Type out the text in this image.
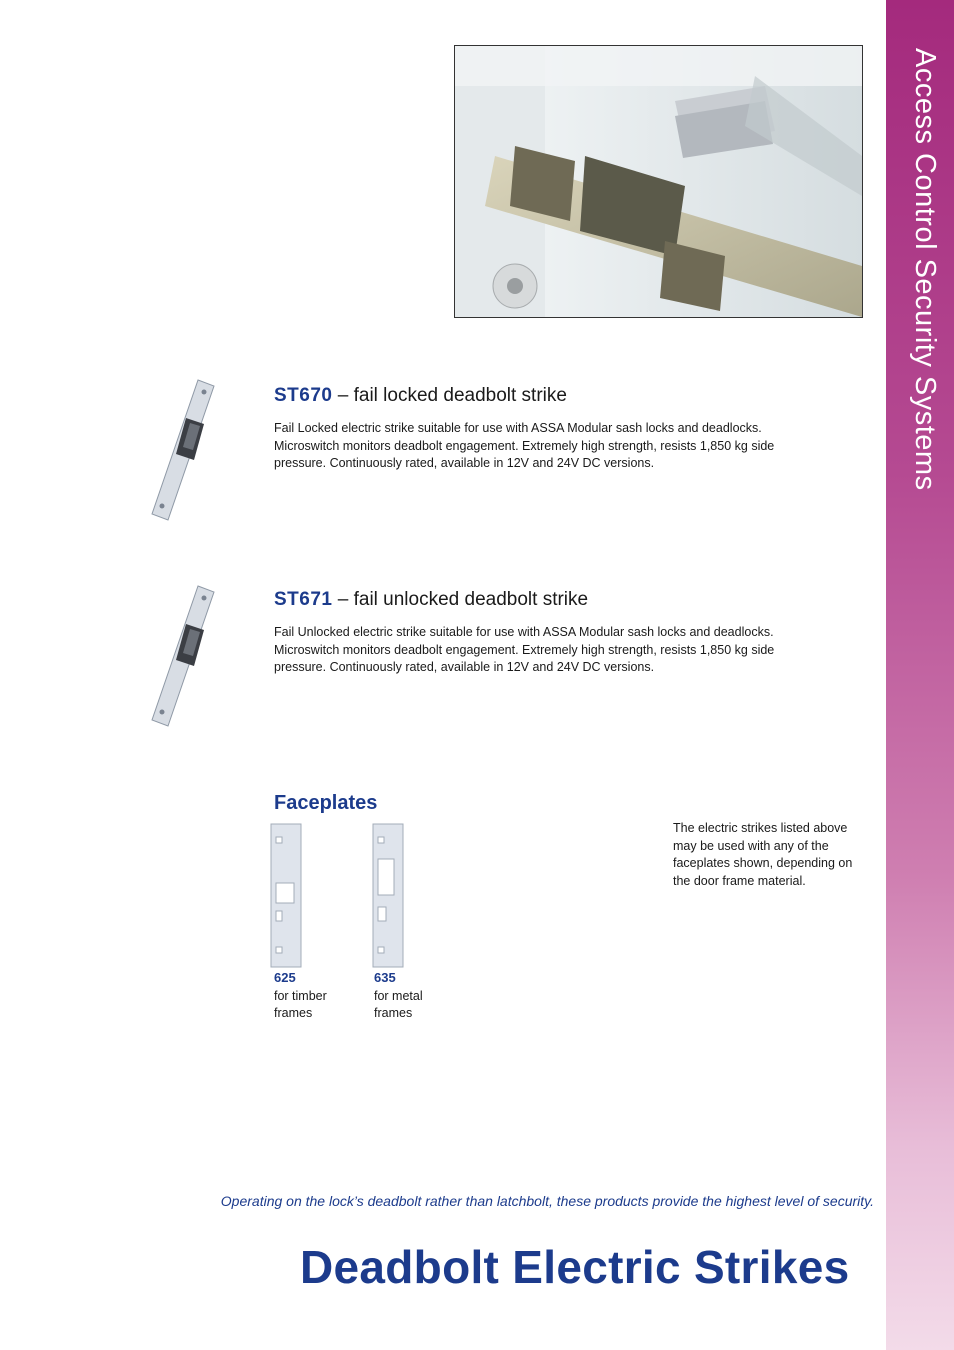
Access Control Security Systems
ST670 – fail locked deadbolt strike
Fail Locked electric strike suitable for use with ASSA Modular sash locks and deadlocks.
Microswitch monitors deadbolt engagement. Extremely high strength, resists 1,850 kg side
pressure. Continuously rated, available in 12V and 24V DC versions.
ST671 – fail unlocked deadbolt strike
Fail Unlocked electric strike suitable for use with ASSA Modular sash locks and deadlocks.
Microswitch monitors deadbolt engagement. Extremely high strength, resists 1,850 kg side
pressure. Continuously rated, available in 12V and 24V DC versions.
Faceplates
625
for timber
frames
635
for metal
frames
The electric strikes listed above
may be used with any of the
faceplates shown, depending on
the door frame material.
Operating on the lock’s deadbolt rather than latchbolt, these products provide the highest level of security.
Deadbolt Electric Strikes
